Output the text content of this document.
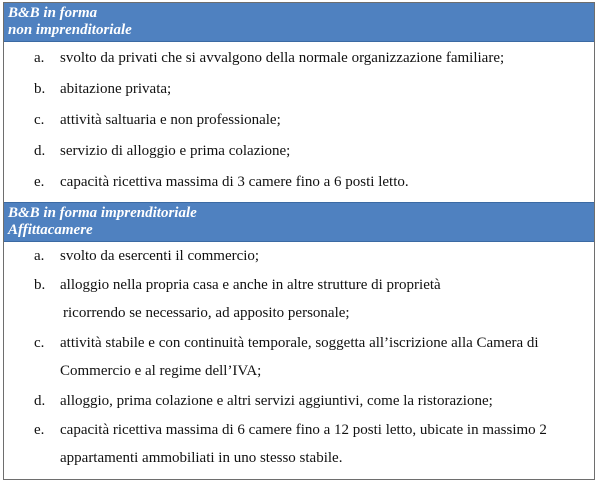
B&B in forma
non imprenditoriale
a. svolto da privati che si avvalgono della normale organizzazione familiare;
b. abitazione privata;
c. attività saltuaria e non professionale;
d. servizio di alloggio e prima colazione;
e. capacità ricettiva massima di 3 camere fino a 6 posti letto.
B&B in forma imprenditoriale
Affittacamere
a. svolto da esercenti il commercio;
b. alloggio nella propria casa e anche in altre strutture di proprietà
ricorrendo se necessario, ad apposito personale;
c. attività stabile e con continuità temporale, soggetta all’iscrizione alla Camera di
Commercio e al regime dell’IVA;
d. alloggio, prima colazione e altri servizi aggiuntivi, come la ristorazione;
e. capacità ricettiva massima di 6 camere fino a 12 posti letto, ubicate in massimo 2
appartamenti ammobiliati in uno stesso stabile.
